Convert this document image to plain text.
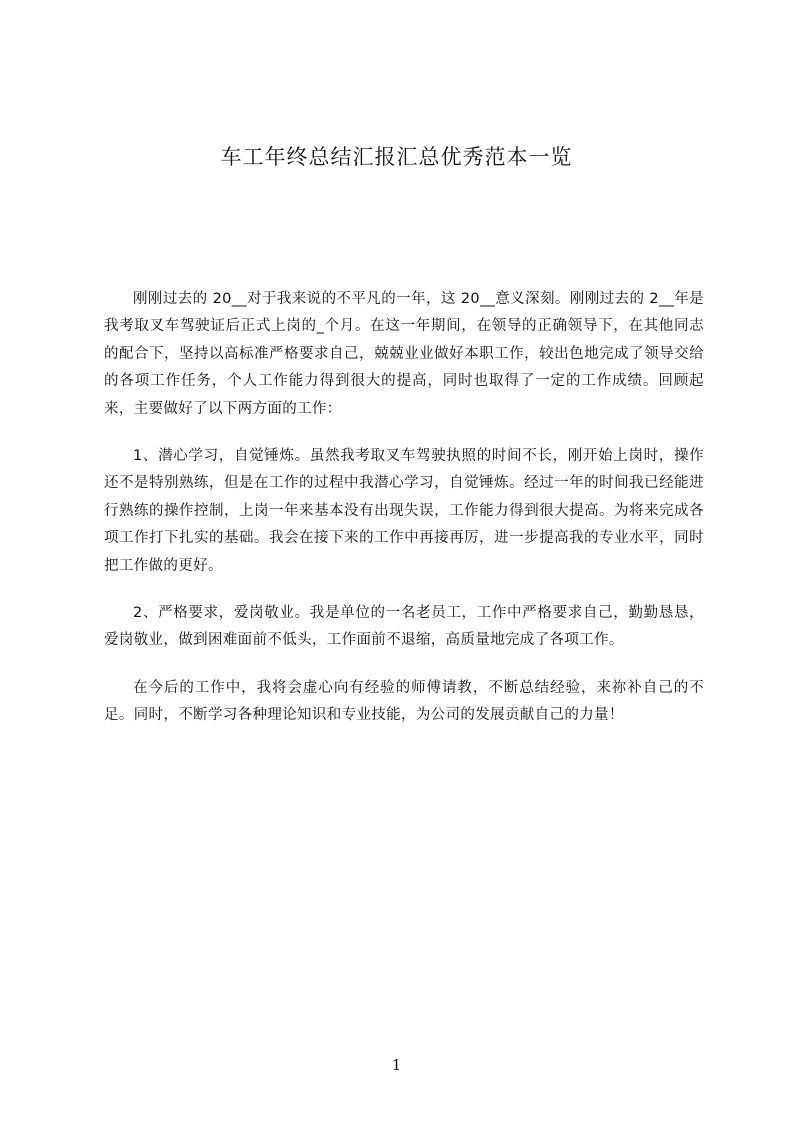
车工年终总结汇报汇总优秀范本一览

刚刚过去的 20__对于我来说的不平凡的一年，这 20__意义深刻。刚刚过去的 2__年是我考取叉车驾驶证后正式上岗的_个月。在这一年期间，在领导的正确领导下，在其他同志的配合下，坚持以高标准严格要求自己，兢兢业业做好本职工作，较出色地完成了领导交给的各项工作任务，个人工作能力得到很大的提高，同时也取得了一定的工作成绩。回顾起来，主要做好了以下两方面的工作：

1、潜心学习，自觉锤炼。虽然我考取叉车驾驶执照的时间不长，刚开始上岗时，操作还不是特别熟练，但是在工作的过程中我潜心学习，自觉锤炼。经过一年的时间我已经能进行熟练的操作控制，上岗一年来基本没有出现失误，工作能力得到很大提高。为将来完成各项工作打下扎实的基础。我会在接下来的工作中再接再厉，进一步提高我的专业水平，同时把工作做的更好。

2、严格要求，爱岗敬业。我是单位的一名老员工，工作中严格要求自己，勤勤恳恳，爱岗敬业，做到困难面前不低头，工作面前不退缩，高质量地完成了各项工作。

在今后的工作中，我将会虚心向有经验的师傅请教，不断总结经验，来祢补自己的不足。同时，不断学习各种理论知识和专业技能，为公司的发展贡献自己的力量！

1
